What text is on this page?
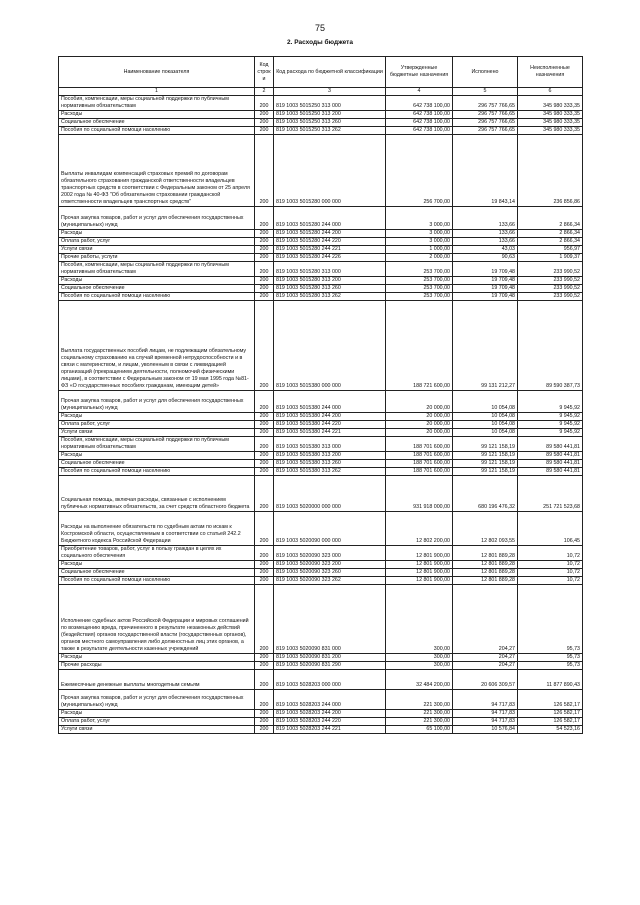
75
2. Расходы бюджета
Наименование показателя	Код строк и	Код расхода по бюджетной классификации	Утвержденные бюджетные назначения	Исполнено	Неисполненные назначения
1	2	3	4	5	6
Пособия, компенсации, меры социальной поддержки по публичным нормативным обязательствам	200	819 1003 5015250 313 000	642 738 100,00	296 757 766,65	345 980 333,35
Расходы	200	819 1003 5015250 313 200	642 738 100,00	296 757 766,65	345 980 333,35
Социальное обеспечение	200	819 1003 5015250 313 260	642 738 100,00	296 757 766,65	345 980 333,35
Пособия по социальной помощи населению	200	819 1003 5015250 313 262	642 738 100,00	296 757 766,65	345 980 333,35
Выплаты инвалидам компенсаций страховых премий по договорам обязательного страхования гражданской ответственности владельцев транспортных средств в соответствии с Федеральным законом от 25 апреля 2002 года № 40-ФЗ "Об обязательном страховании гражданской ответственности владельцев транспортных средств"	200	819 1003 5015280 000 000	256 700,00	19 843,14	236 856,86
Прочая закупка товаров, работ и услуг для обеспечения государственных (муниципальных) нужд	200	819 1003 5015280 244 000	3 000,00	133,66	2 866,34
Расходы	200	819 1003 5015280 244 200	3 000,00	133,66	2 866,34
Оплата работ, услуг	200	819 1003 5015280 244 220	3 000,00	133,66	2 866,34
Услуги связи	200	819 1003 5015280 244 221	1 000,00	43,03	956,97
Прочие работы, услуги	200	819 1003 5015280 244 226	2 000,00	90,63	1 909,37
Пособия, компенсации, меры социальной поддержки по публичным нормативным обязательствам	200	819 1003 5015280 313 000	253 700,00	19 709,48	233 990,52
Расходы	200	819 1003 5015280 313 200	253 700,00	19 709,48	233 990,52
Социальное обеспечение	200	819 1003 5015280 313 260	253 700,00	19 709,48	233 990,52
Пособия по социальной помощи населению	200	819 1003 5015280 313 262	253 700,00	19 709,48	233 990,52
Выплата государственных пособий лицам, не подлежащим обязательному социальному страхованию на случай временной нетрудоспособности и в связи с материнством, и лицам, уволенным в связи с ликвидацией организаций (прекращением деятельности, полномочий физическими лицами), в соответствии с Федеральным законом от 19 мая 1995 года №81-ФЗ «О государственных пособиях гражданам, имеющим детей»	200	819 1003 5015380 000 000	188 721 600,00	99 131 212,27	89 590 387,73
Прочая закупка товаров, работ и услуг для обеспечения государственных (муниципальных) нужд	200	819 1003 5015380 244 000	20 000,00	10 054,08	9 945,92
Расходы	200	819 1003 5015380 244 200	20 000,00	10 054,08	9 945,92
Оплата работ, услуг	200	819 1003 5015380 244 220	20 000,00	10 054,08	9 945,92
Услуги связи	200	819 1003 5015380 244 221	20 000,00	10 054,08	9 945,92
Пособия, компенсации, меры социальной поддержки по публичным нормативным обязательствам	200	819 1003 5015380 313 000	188 701 600,00	99 121 158,19	89 580 441,81
Расходы	200	819 1003 5015380 313 200	188 701 600,00	99 121 158,19	89 580 441,81
Социальное обеспечение	200	819 1003 5015380 313 260	188 701 600,00	99 121 158,19	89 580 441,81
Пособия по социальной помощи населению	200	819 1003 5015380 313 262	188 701 600,00	99 121 158,19	89 580 441,81
Социальная помощь, включая расходы, связанные с исполнением публичных нормативных обязательств, за счет средств областного бюджета	200	819 1003 5020000 000 000	931 918 000,00	680 196 476,32	251 721 523,68
Расходы на выполнение обязательств по судебным актам по искам к Костромской области, осуществляемым в соответствии со статьей 242.2 Бюджетного кодекса Российской Федерации	200	819 1003 5020090 000 000	12 802 200,00	12 802 093,55	106,45
Приобретение товаров, работ, услуг в пользу граждан в целях их социального обеспечения	200	819 1003 5020090 323 000	12 801 900,00	12 801 889,28	10,72
Расходы	200	819 1003 5020090 323 200	12 801 900,00	12 801 889,28	10,72
Социальное обеспечение	200	819 1003 5020090 323 260	12 801 900,00	12 801 889,28	10,72
Пособия по социальной помощи населению	200	819 1003 5020090 323 262	12 801 900,00	12 801 889,28	10,72
Исполнение судебных актов Российской Федерации и мировых соглашений по возмещению вреда, причиненного в результате незаконных действий (бездействия) органов государственной власти (государственных органов), органов местного самоуправления либо должностных лиц этих органов, а также в результате деятельности казенных учреждений	200	819 1003 5020090 831 000	300,00	204,27	95,73
Расходы	200	819 1003 5020090 831 200	300,00	204,27	95,73
Прочие расходы	200	819 1003 5020090 831 290	300,00	204,27	95,73
Ежемесячные денежные выплаты многодетным семьям	200	819 1003 5028203 000 000	32 484 200,00	20 606 309,57	11 877 890,43
Прочая закупка товаров, работ и услуг для обеспечения государственных (муниципальных) нужд	200	819 1003 5028203 244 000	221 300,00	94 717,83	126 582,17
Расходы	200	819 1003 5028203 244 200	221 300,00	94 717,83	126 582,17
Оплата работ, услуг	200	819 1003 5028203 244 220	221 300,00	94 717,83	126 582,17
Услуги связи	200	819 1003 5028203 244 221	65 100,00	10 576,84	54 523,16
